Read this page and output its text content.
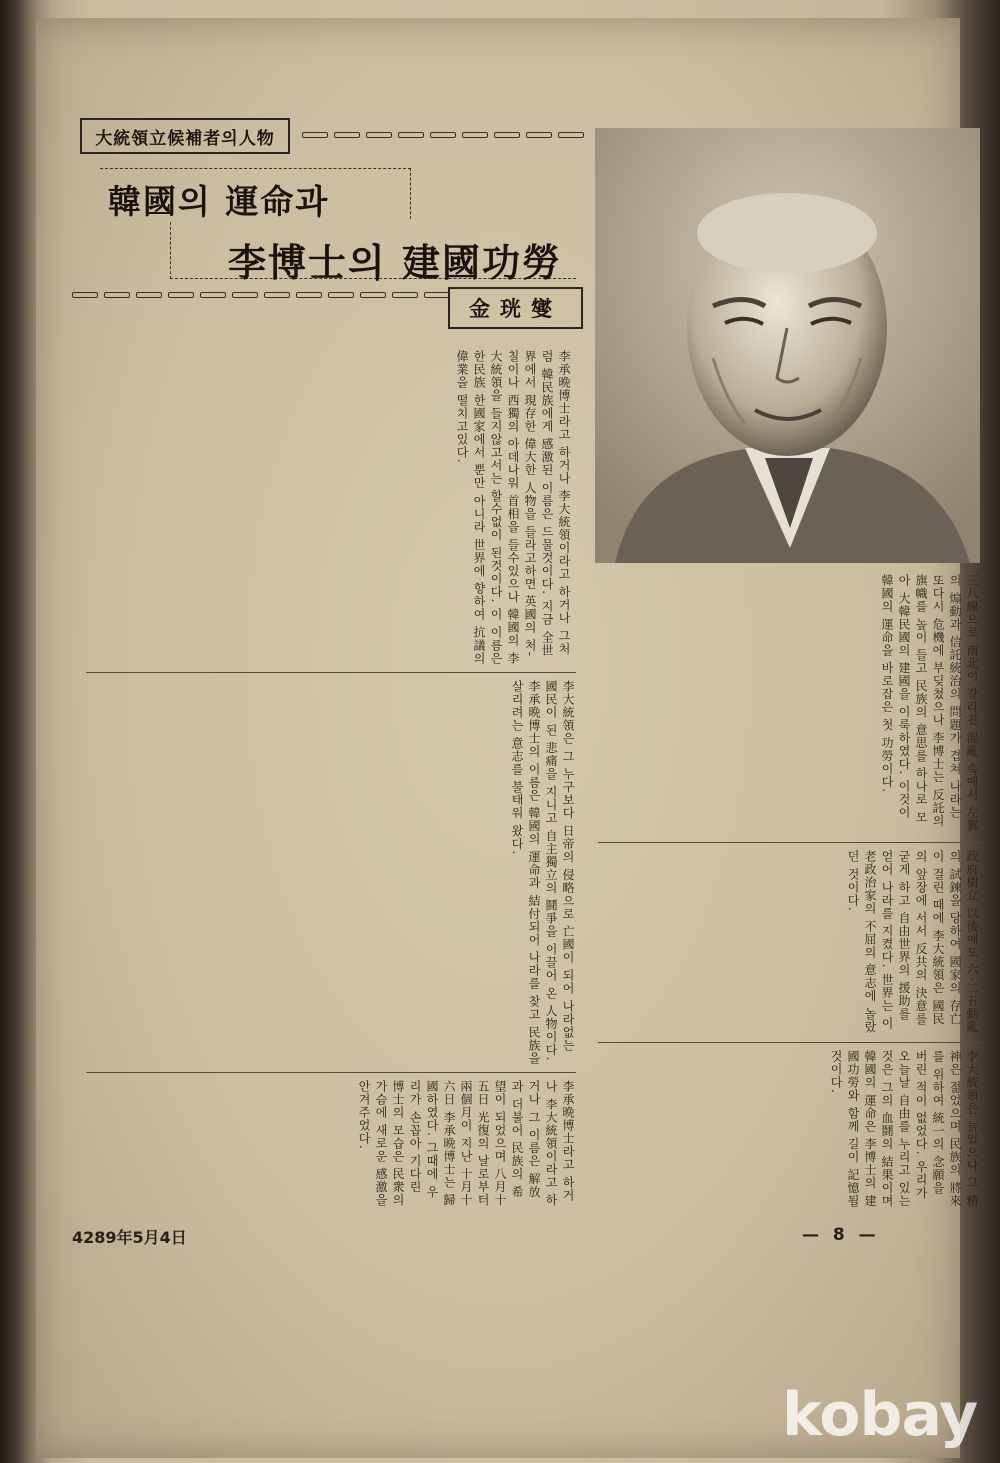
大統領立候補者의人物
韓國의 運命과
李博士의 建國功勞
金珖燮

李承晩博士라고 하거나 李大統領이라고 하거나 그처럼 韓民族에게 感激된 이름은 드물것이다. 지금 全世界에서 現存한 偉大한 人物을 들라고하면 英國의 처-칠이나 西獨의 아데나워 首相을 들수있으나 韓國의 李大統領을 들지않고서는 할수없이 된것이다. 이 이름은 한民族 한國家에서 뿐만 아니라 世界에 향하여 抗議의 偉業을 떨치고있다.

李大統領은 그 누구보다 日帝의 侵略으로 亡國이 되어 나라없는 國民이 된 悲痛을 지니고 自主獨立의 鬪爭을 이끌어 온 人物이다. 李承晩博士의 이름은 韓國의 運命과 結付되어 나라를 찾고 民族을 살리려는 意志를 불태워 왔다.

李承晩博士라고 하거나 李大統領이라고 하거나 그 이름은 解放과 더불어 民族의 希望이 되었으며 八月十五日 光復의 날로부터 兩個月이 지난 十月十六日 李承晩博士는 歸國하였다. 그때에 우리가 손꼽아 기다린 博士의 모습은 民衆의 가슴에 새로운 感激을 안겨주었다.

三八線으로 南北이 갈라진 混亂 속에서 左翼의 煽動과 信託統治의 問題가 겹쳐 나라는 또다시 危機에 부딪쳤으나 李博士는 反託의 旗幟를 높이 들고 民族의 意思를 하나로 모아 大韓民國의 建國을 이룩하였다. 이것이 韓國의 運命을 바로잡은 첫 功勞이다.

政府樹立 以後에도 六·二五動亂의 試鍊을 당하여 國家의 存亡이 걸린 때에 李大統領은 國民의 앞장에 서서 反共의 決意를 굳게 하고 自由世界의 援助를 얻어 나라를 지켰다. 世界는 이 老政治家의 不屈의 意志에 놀랐던 것이다.

李大統領은 늙었으나 그 精神은 젊었으며 民族의 將來를 위하여 統一의 念願을 버린 적이 없었다. 우리가 오늘날 自由를 누리고 있는 것은 그의 血鬪의 結果이며 韓國의 運命은 李博士의 建國功勞와 함께 길이 記憶될 것이다.

4289年5月4日	— 8 —
kobay
